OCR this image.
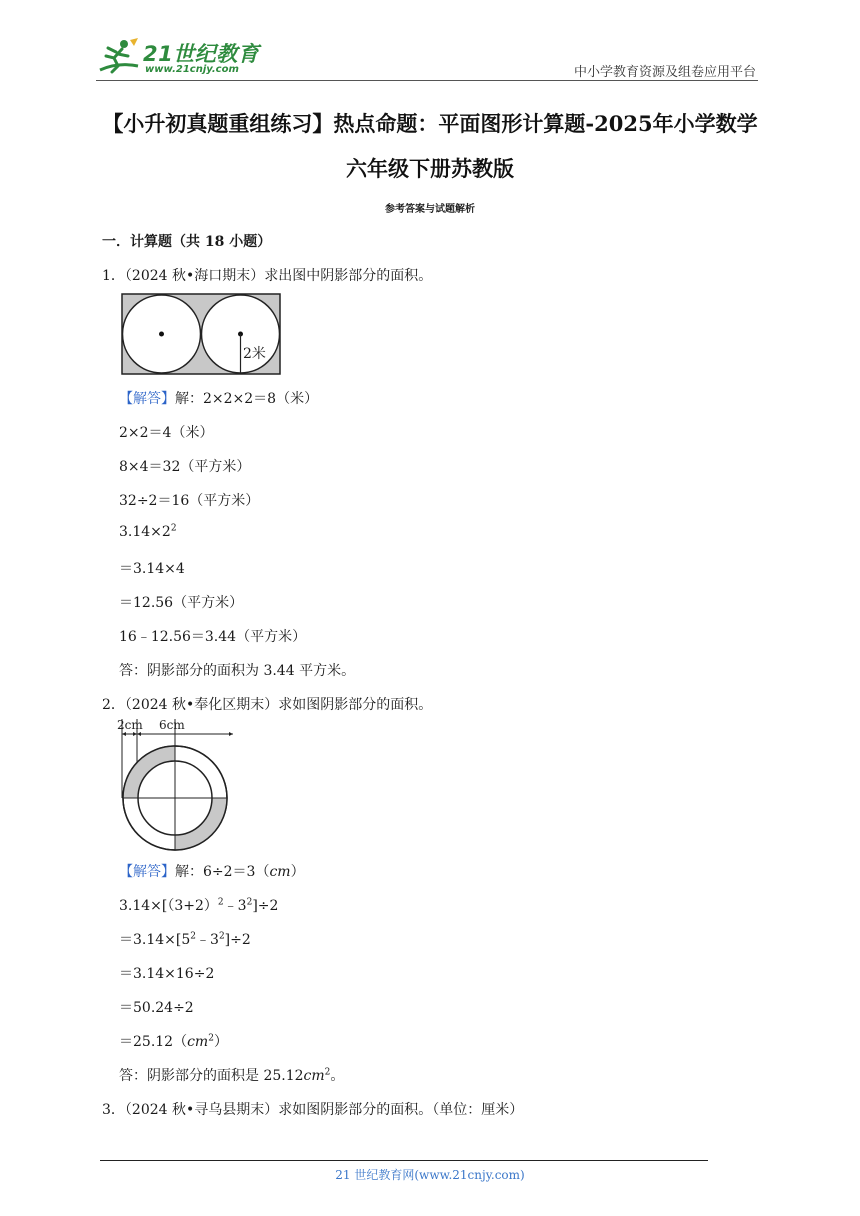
21世纪教育
www.21cnjy.com	中小学教育资源及组卷应用平台
【小升初真题重组练习】热点命题：平面图形计算题-2025年小学数学
六年级下册苏教版
参考答案与试题解析
一．计算题（共 18 小题）
1．（2024 秋•海口期末）求出图中阴影部分的面积。
2米
【解答】解：2×2×2＝8（米）
2×2＝4（米）
8×4＝32（平方米）
32÷2＝16（平方米）
$3.14\times 2^2$
＝3.14×4
＝12.56（平方米）
16﹣12.56＝3.44（平方米）
答：阴影部分的面积为 3.44 平方米。
2．（2024 秋•奉化区期末）求如图阴影部分的面积。
2cm 6cm
【解答】解：6÷2＝3（cm）
$3.14\times[(3+2)^2﹣3^2]\div 2$
$=3.14\times[5^2﹣3^2]\div 2$
＝3.14×16÷2
＝50.24÷2
$=25.12(cm^2)$
答：阴影部分的面积是 $25.12cm^2$。
3．（2024 秋•寻乌县期末）求如图阴影部分的面积。（单位：厘米）
21 世纪教育网(www.21cnjy.com)
